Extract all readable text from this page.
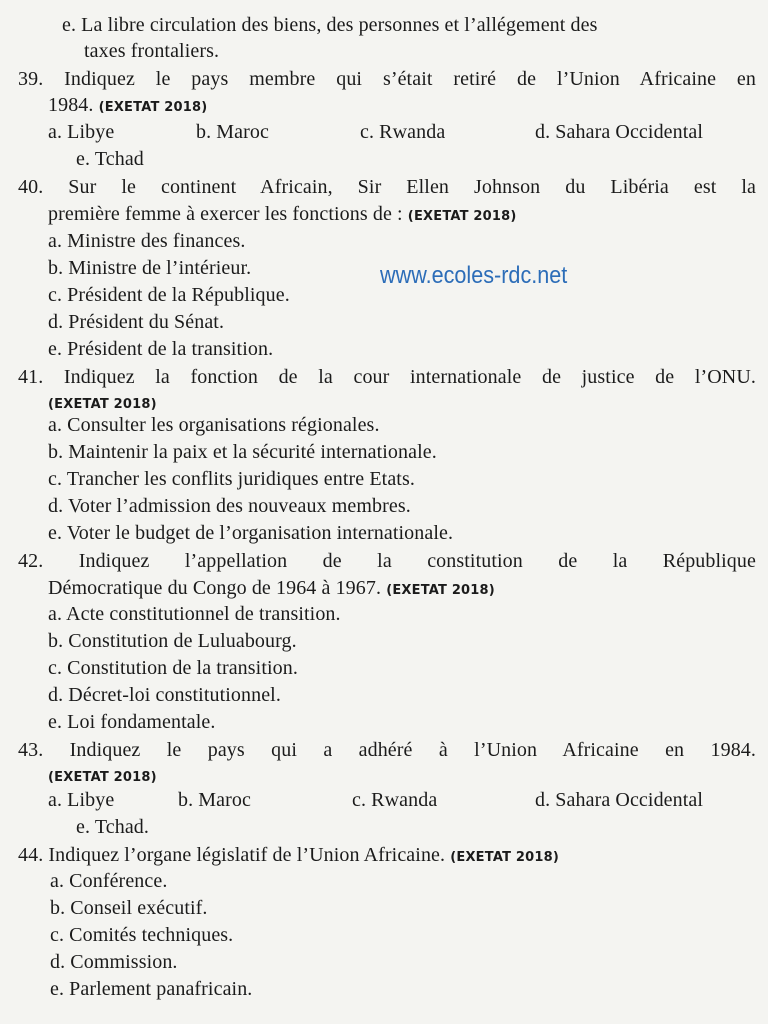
e. La libre circulation des biens, des personnes et l’allégement des
taxes frontaliers.
39. Indiquez le pays membre qui s’était retiré de l’Union Africaine en
1984. (EXETAT 2018)
a. Libye	b. Maroc	c. Rwanda	d. Sahara Occidental
e. Tchad
40. Sur le continent Africain, Sir Ellen Johnson du Libéria est la
première femme à exercer les fonctions de : (EXETAT 2018)
a. Ministre des finances.
b. Ministre de l’intérieur.
c. Président de la République.
d. Président du Sénat.
e. Président de la transition.
www.ecoles-rdc.net
41. Indiquez la fonction de la cour internationale de justice de l’ONU.
(EXETAT 2018)
a. Consulter les organisations régionales.
b. Maintenir la paix et la sécurité internationale.
c. Trancher les conflits juridiques entre Etats.
d. Voter l’admission des nouveaux membres.
e. Voter le budget de l’organisation internationale.
42. Indiquez l’appellation de la constitution de la République
Démocratique du Congo de 1964 à 1967. (EXETAT 2018)
a. Acte constitutionnel de transition.
b. Constitution de Luluabourg.
c. Constitution de la transition.
d. Décret-loi constitutionnel.
e. Loi fondamentale.
43. Indiquez le pays qui a adhéré à l’Union Africaine en 1984.
(EXETAT 2018)
a. Libye	b. Maroc	c. Rwanda	d. Sahara Occidental
e. Tchad.
44. Indiquez l’organe législatif de l’Union Africaine. (EXETAT 2018)
a. Conférence.
b. Conseil exécutif.
c. Comités techniques.
d. Commission.
e. Parlement panafricain.
